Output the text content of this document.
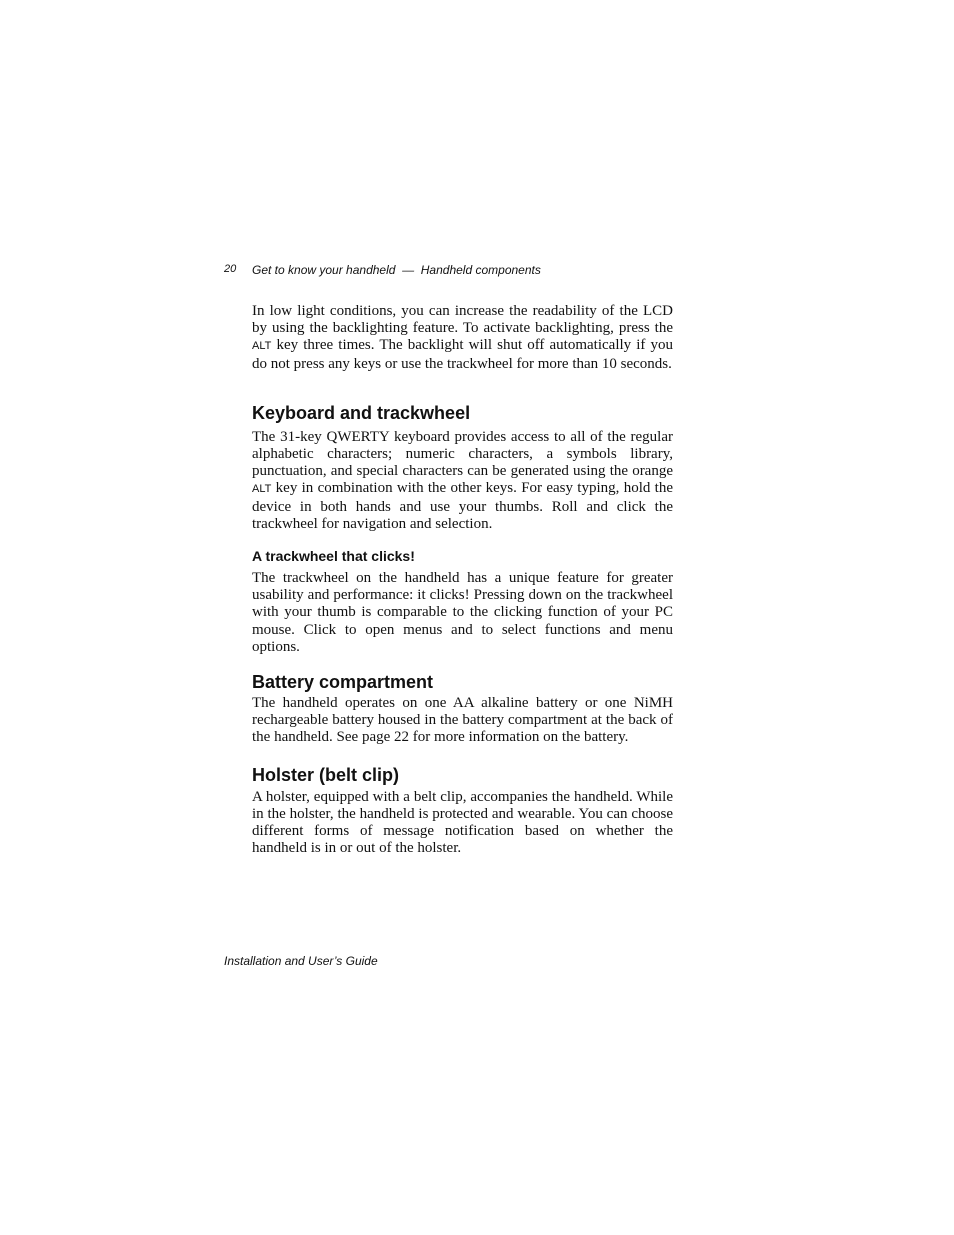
20 Get to know your handheld  —  Handheld components

In low light conditions, you can increase the readability of the LCD by using the backlighting feature. To activate backlighting, press the ALT key three times. The backlight will shut off automatically if you do not press any keys or use the trackwheel for more than 10 seconds.

Keyboard and trackwheel

The 31-key QWERTY keyboard provides access to all of the regular alphabetic characters; numeric characters, a symbols library, punctuation, and special characters can be generated using the orange ALT key in combination with the other keys. For easy typing, hold the device in both hands and use your thumbs. Roll and click the trackwheel for navigation and selection.

A trackwheel that clicks!

The trackwheel on the handheld has a unique feature for greater usability and performance: it clicks! Pressing down on the trackwheel with your thumb is comparable to the clicking function of your PC mouse. Click to open menus and to select functions and menu options.

Battery compartment

The handheld operates on one AA alkaline battery or one NiMH rechargeable battery housed in the battery compartment at the back of the handheld. See page 22 for more information on the battery.

Holster (belt clip)

A holster, equipped with a belt clip, accompanies the handheld. While in the holster, the handheld is protected and wearable. You can choose different forms of message notification based on whether the handheld is in or out of the holster.

Installation and User’s Guide
